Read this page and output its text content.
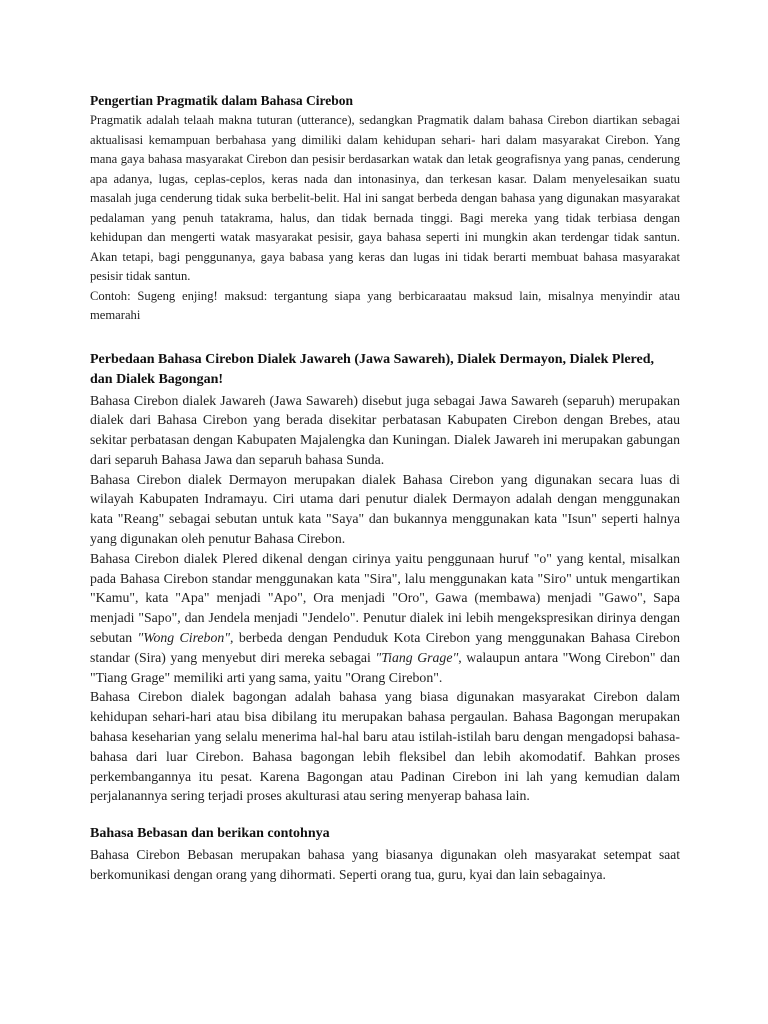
Pengertian Pragmatik dalam Bahasa Cirebon

Pragmatik adalah telaah makna tuturan (utterance), sedangkan Pragmatik dalam bahasa Cirebon diartikan sebagai aktualisasi kemampuan berbahasa yang dimiliki dalam kehidupan sehari- hari dalam masyarakat Cirebon. Yang mana gaya bahasa masyarakat Cirebon dan pesisir berdasarkan watak dan letak geografisnya yang panas, cenderung apa adanya, lugas, ceplas-ceplos, keras nada dan intonasinya, dan terkesan kasar. Dalam menyelesaikan suatu masalah juga cenderung tidak suka berbelit-belit. Hal ini sangat berbeda dengan bahasa yang digunakan masyarakat pedalaman yang penuh tatakrama, halus, dan tidak bernada tinggi. Bagi mereka yang tidak terbiasa dengan kehidupan dan mengerti watak masyarakat pesisir, gaya bahasa seperti ini mungkin akan terdengar tidak santun. Akan tetapi, bagi penggunanya, gaya babasa yang keras dan lugas ini tidak berarti membuat bahasa masyarakat pesisir tidak santun.

Contoh: Sugeng enjing! maksud: tergantung siapa yang berbicaraatau maksud lain, misalnya menyindir atau memarahi

Perbedaan Bahasa Cirebon Dialek Jawareh (Jawa Sawareh), Dialek Dermayon, Dialek Plered, dan Dialek Bagongan!

Bahasa Cirebon dialek Jawareh (Jawa Sawareh) disebut juga sebagai Jawa Sawareh (separuh) merupakan dialek dari Bahasa Cirebon yang berada disekitar perbatasan Kabupaten Cirebon dengan Brebes, atau sekitar perbatasan dengan Kabupaten Majalengka dan Kuningan. Dialek Jawareh ini merupakan gabungan dari separuh Bahasa Jawa dan separuh bahasa Sunda.

Bahasa Cirebon dialek Dermayon merupakan dialek Bahasa Cirebon yang digunakan secara luas di wilayah Kabupaten Indramayu. Ciri utama dari penutur dialek Dermayon adalah dengan menggunakan kata "Reang" sebagai sebutan untuk kata "Saya" dan bukannya menggunakan kata "Isun" seperti halnya yang digunakan oleh penutur Bahasa Cirebon.

Bahasa Cirebon dialek Plered dikenal dengan cirinya yaitu penggunaan huruf "o" yang kental, misalkan pada Bahasa Cirebon standar menggunakan kata "Sira", lalu menggunakan kata "Siro" untuk mengartikan "Kamu", kata "Apa" menjadi "Apo", Ora menjadi "Oro", Gawa (membawa) menjadi "Gawo", Sapa menjadi "Sapo", dan Jendela menjadi "Jendelo". Penutur dialek ini lebih mengekspresikan dirinya dengan sebutan "Wong Cirebon", berbeda dengan Penduduk Kota Cirebon yang menggunakan Bahasa Cirebon standar (Sira) yang menyebut diri mereka sebagai "Tiang Grage", walaupun antara "Wong Cirebon" dan "Tiang Grage" memiliki arti yang sama, yaitu "Orang Cirebon".

Bahasa Cirebon dialek bagongan adalah bahasa yang biasa digunakan masyarakat Cirebon dalam kehidupan sehari-hari atau bisa dibilang itu merupakan bahasa pergaulan. Bahasa Bagongan merupakan bahasa keseharian yang selalu menerima hal-hal baru atau istilah-istilah baru dengan mengadopsi bahasa-bahasa dari luar Cirebon. Bahasa bagongan lebih fleksibel dan lebih akomodatif. Bahkan proses perkembangannya itu pesat. Karena Bagongan atau Padinan Cirebon ini lah yang kemudian dalam perjalanannya sering terjadi proses akulturasi atau sering menyerap bahasa lain.

Bahasa Bebasan dan berikan contohnya

Bahasa Cirebon Bebasan merupakan bahasa yang biasanya digunakan oleh masyarakat setempat saat berkomunikasi dengan orang yang dihormati. Seperti orang tua, guru, kyai dan lain sebagainya.
